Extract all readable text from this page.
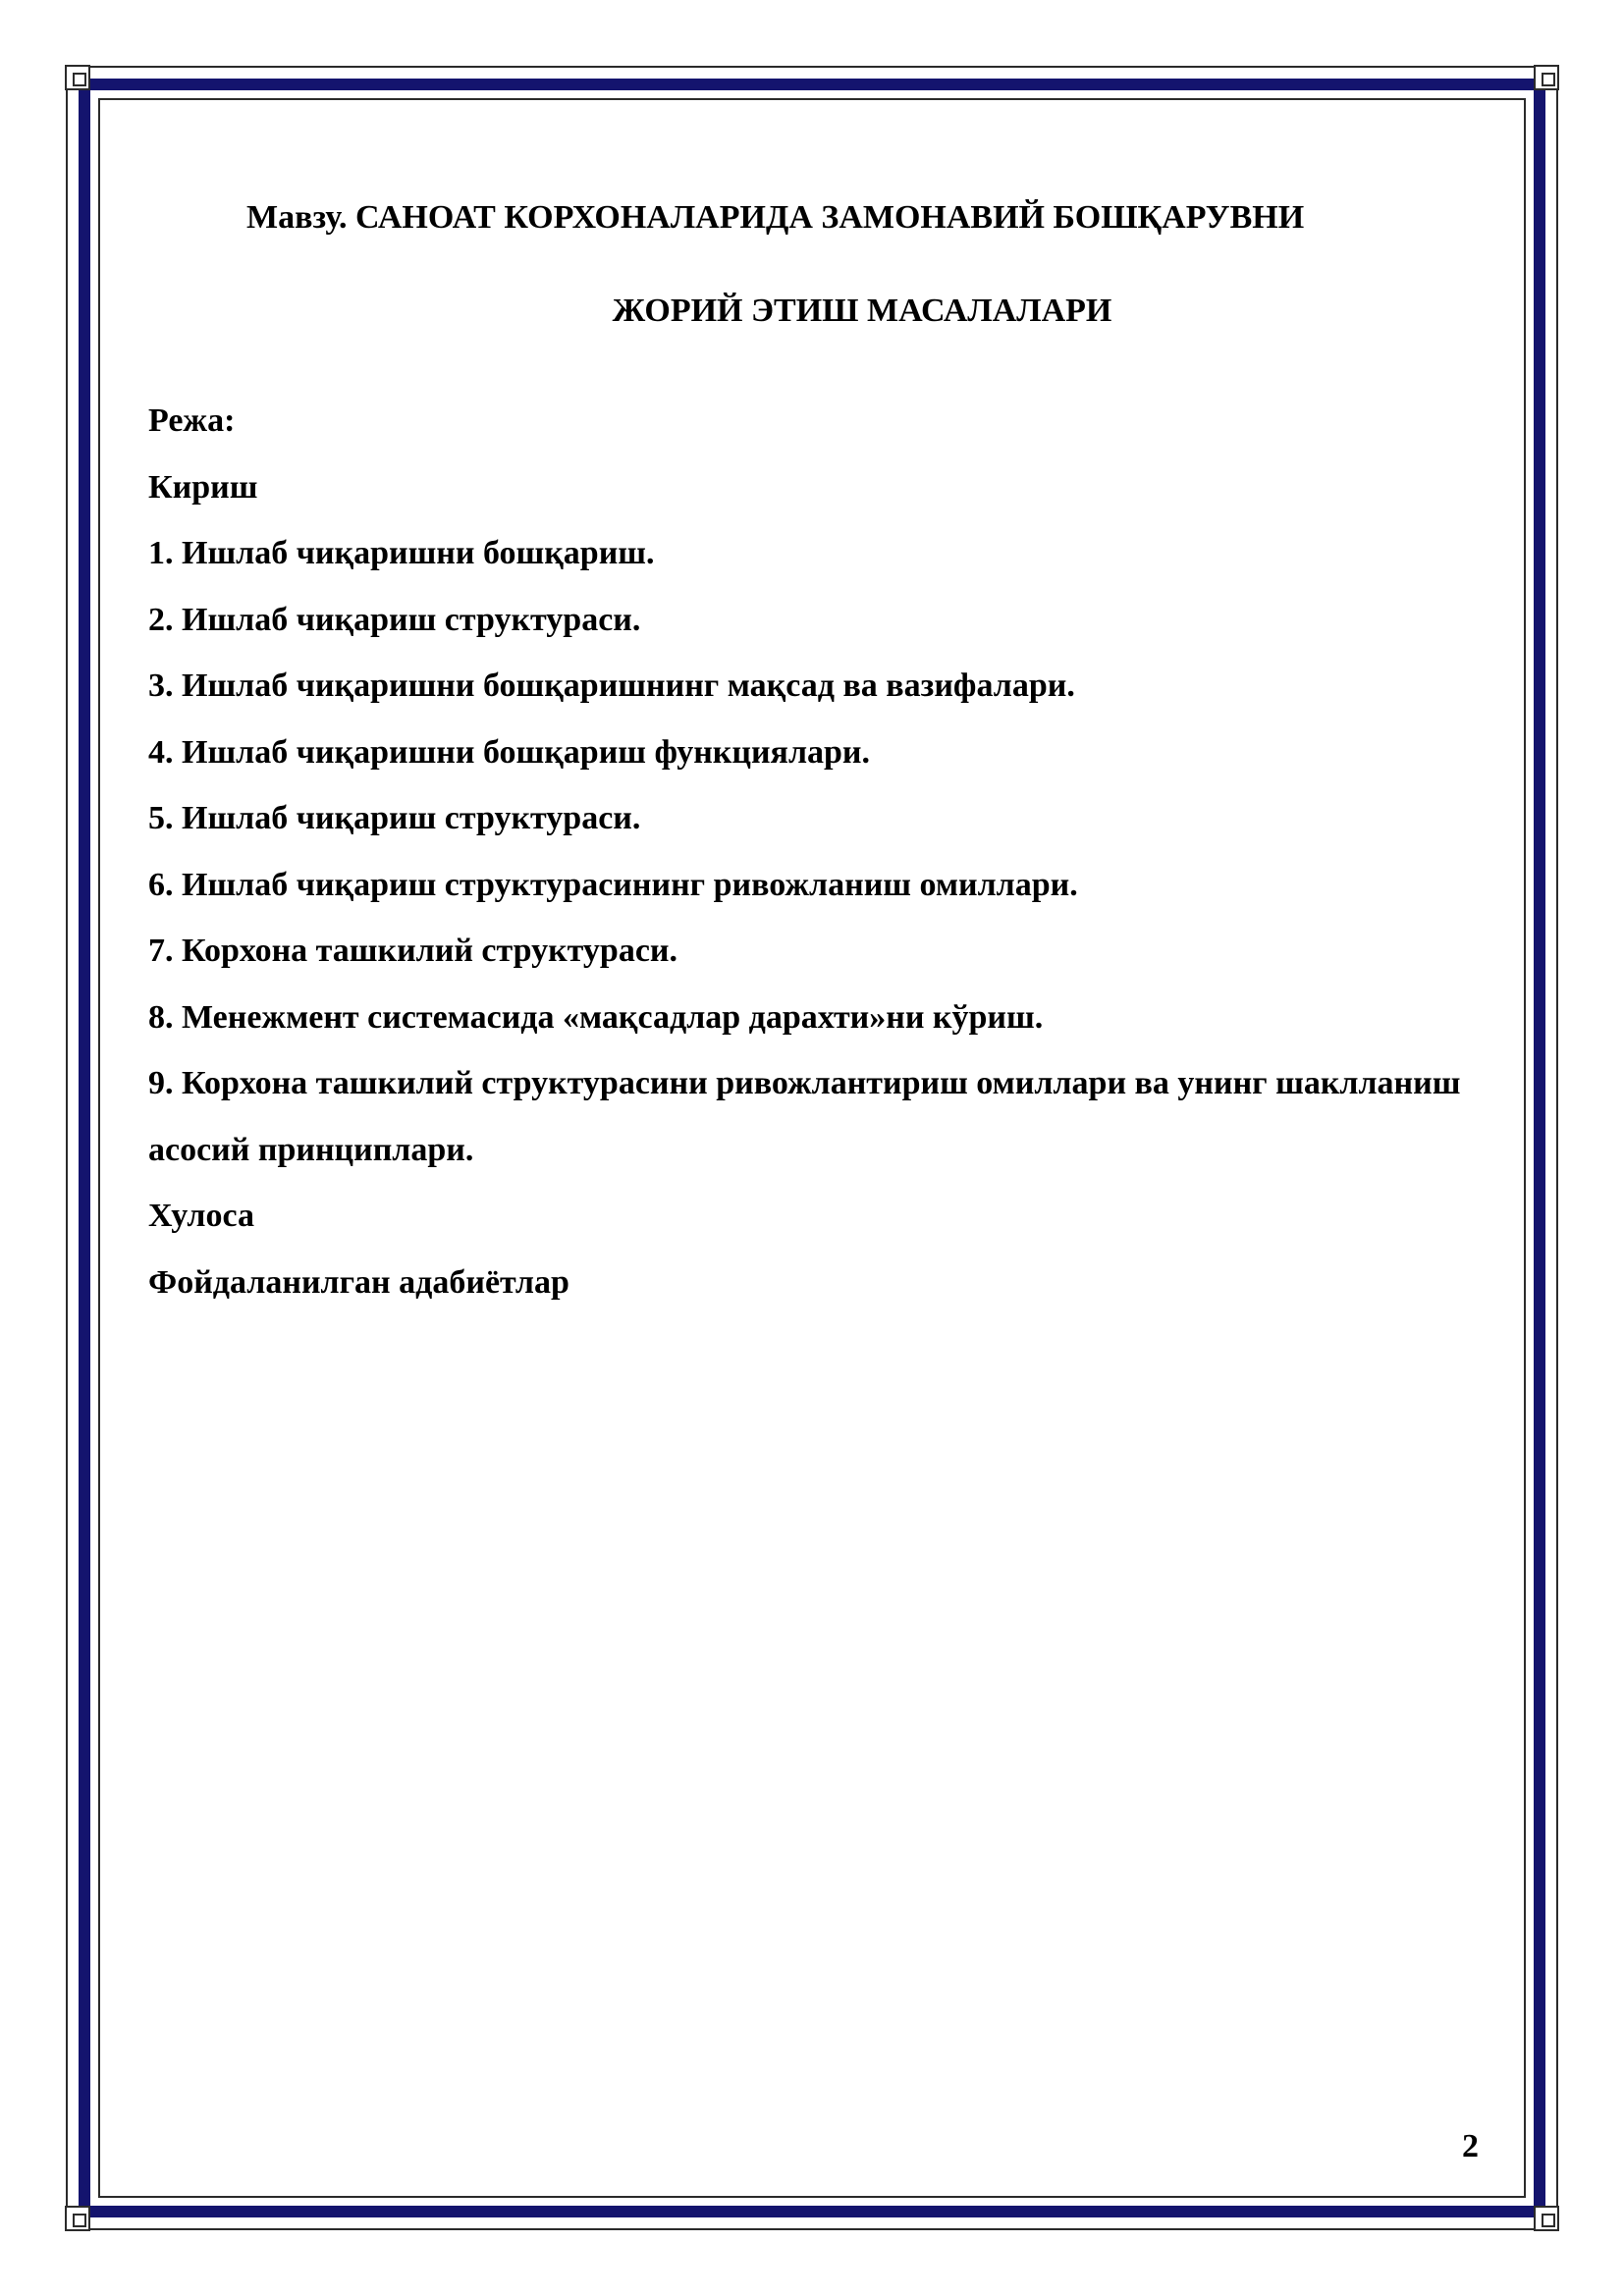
Мавзу. САНОАТ КОРХОНАЛАРИДА ЗАМОНАВИЙ БОШҚАРУВНИ
ЖОРИЙ ЭТИШ МАСАЛАЛАРИ
Режа:
Кириш
1. Ишлаб чиқаришни бошқариш.
2. Ишлаб чиқариш структураси.
3. Ишлаб чиқаришни бошқаришнинг мақсад ва вазифалари.
4. Ишлаб чиқаришни бошқариш функциялари.
5. Ишлаб чиқариш структураси.
6. Ишлаб чиқариш структурасининг ривожланиш омиллари.
7. Корхона ташкилий структураси.
8. Менежмент системасида «мақсадлар дарахти»ни кўриш.
9. Корхона ташкилий структурасини ривожлантириш омиллари ва унинг шаклланиш асосий принциплари.
Хулоса
Фойдаланилган адабиётлар
2
